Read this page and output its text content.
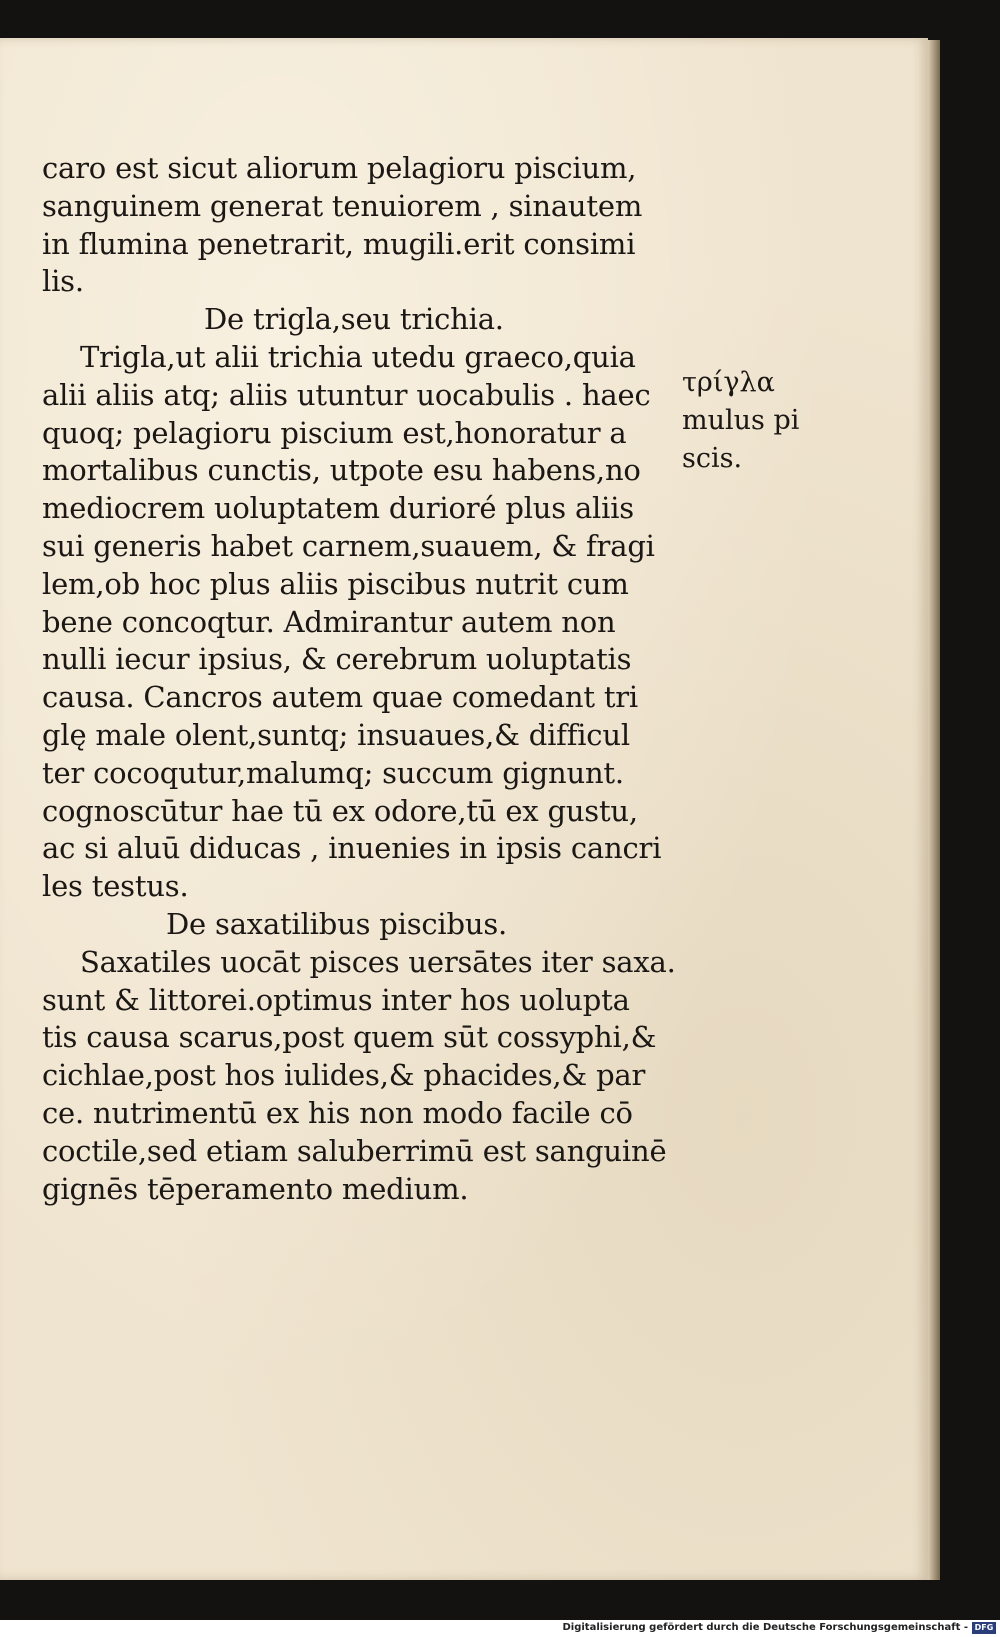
caro est sicut aliorum pelagioru piscium,
sanguinem generat tenuiorem , sinautem
in flumina penetrarit, mugili.erit consimi
lis.
De trigla,seu trichia.
Trigla,ut alii trichia utedu graeco,quia
alii aliis atq; aliis utuntur uocabulis . haec
quoq; pelagioru piscium est,honoratur a
mortalibus cunctis, utpote esu habens,no
mediocrem uoluptatem durioré plus aliis
sui generis habet carnem,suauem, & fragi
lem,ob hoc plus aliis piscibus nutrit cum
bene concoqtur. Admirantur autem non
nulli iecur ipsius, & cerebrum uoluptatis
causa. Cancros autem quae comedant tri
glę male olent,suntq; insuaues,& difficul
ter cocoqutur,malumq; succum gignunt.
cognoscūtur hae tū ex odore,tū ex gustu,
ac si aluū diducas , inuenies in ipsis cancri
les testus.
De saxatilibus piscibus.
Saxatiles uocāt pisces uersātes iter saxa.
sunt & littorei.optimus inter hos uolupta
tis causa scarus,post quem sūt cossyphi,&
cichlae,post hos iulides,& phacides,& par
ce. nutrimentū ex his non modo facile cō
coctile,sed etiam saluberrimū est sanguinē
gignēs tēperamento medium.
τρίγλα
mulus pi
scis.
Digitalisierung gefördert durch die Deutsche Forschungsgemeinschaft - DFG
